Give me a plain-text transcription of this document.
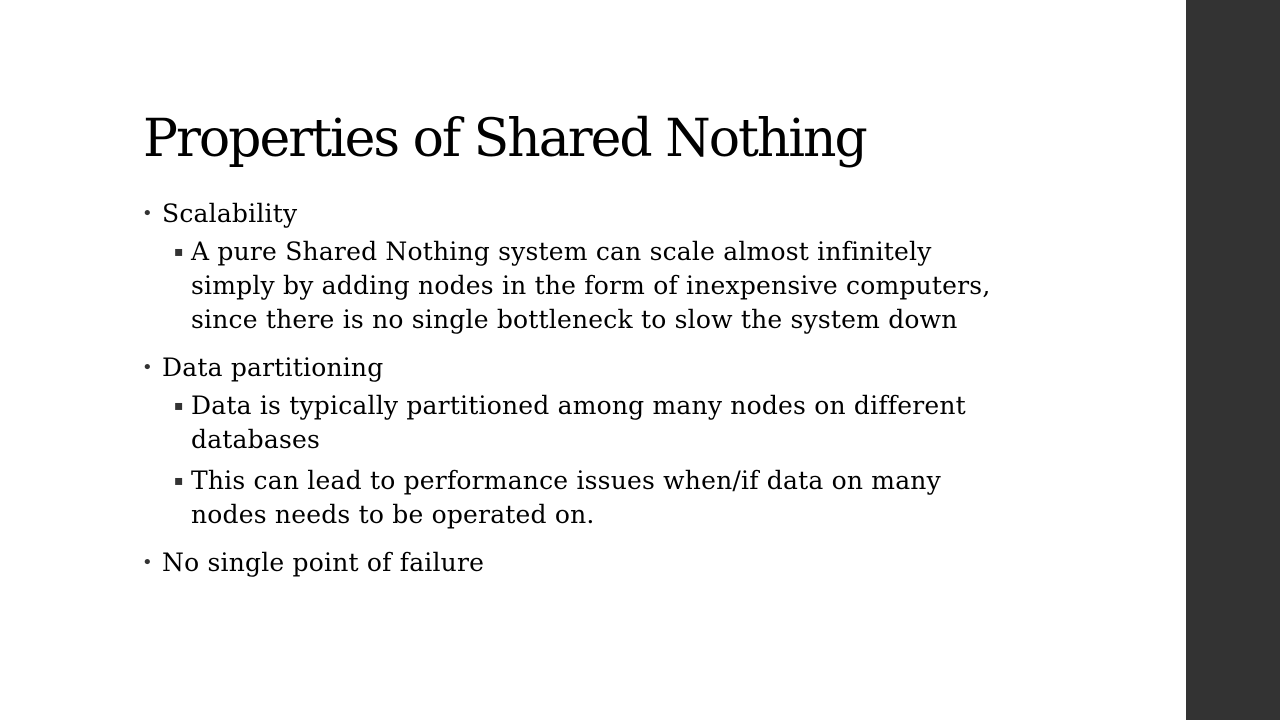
Properties of Shared Nothing
• Scalability
▪ A pure Shared Nothing system can scale almost infinitely simply by adding nodes in the form of inexpensive computers, since there is no single bottleneck to slow the system down
• Data partitioning
▪ Data is typically partitioned among many nodes on different databases
▪ This can lead to performance issues when/if data on many nodes needs to be operated on.
• No single point of failure
